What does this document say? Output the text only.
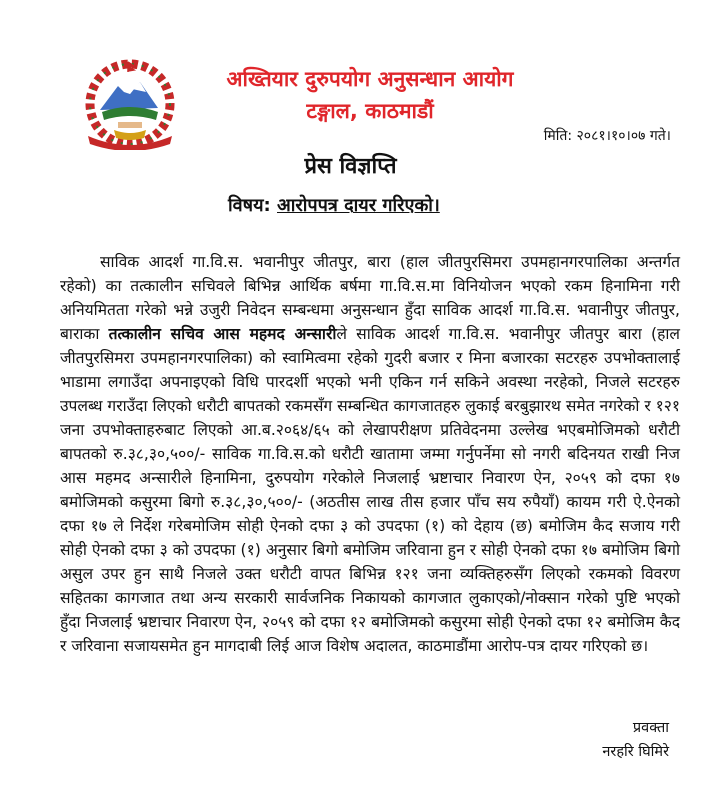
अख्तियार दुरुपयोग अनुसन्धान आयोग
टङ्गाल, काठमाडौं
मिति: २०८१।१०।०७ गते।
प्रेस विज्ञप्ति
विषय: आरोपपत्र दायर गरिएको।
साविक आदर्श गा.वि.स. भवानीपुर जीतपुर, बारा (हाल जीतपुरसिमरा उपमहानगरपालिका अन्तर्गत रहेको) का तत्कालीन सचिवले बिभिन्न आर्थिक बर्षमा गा.वि.स.मा विनियोजन भएको रकम हिनामिना गरी अनियमितता गरेको भन्ने उजुरी निवेदन सम्बन्धमा अनुसन्धान हुँदा साविक आदर्श गा.वि.स. भवानीपुर जीतपुर, बाराका तत्कालीन सचिव आस महमद अन्सारीले साविक आदर्श गा.वि.स. भवानीपुर जीतपुर बारा (हाल जीतपुरसिमरा उपमहानगरपालिका) को स्वामित्वमा रहेको गुदरी बजार र मिना बजारका सटरहरु उपभोक्तालाई भाडामा लगाउँदा अपनाइएको विधि पारदर्शी भएको भनी एकिन गर्न सकिने अवस्था नरहेको, निजले सटरहरु उपलब्ध गराउँदा लिएको धरौटी बापतको रकमसँग सम्बन्धित कागजातहरु लुकाई बरबुझारथ समेत नगरेको र १२१ जना उपभोक्ताहरुबाट लिएको आ.ब.२०६४/६५ को लेखापरीक्षण प्रतिवेदनमा उल्लेख भएबमोजिमको धरौटी बापतको रु.३८,३०,५००/- साविक गा.वि.स.को धरौटी खातामा जम्मा गर्नुपर्नेमा सो नगरी बदिनयत राखी निज आस महमद अन्सारीले हिनामिना, दुरुपयोग गरेकोले निजलाई भ्रष्टाचार निवारण ऐन, २०५९ को दफा १७ बमोजिमको कसुरमा बिगो रु.३८,३०,५००/- (अठतीस लाख तीस हजार पाँच सय रुपैयाँ) कायम गरी ऐ.ऐनको दफा १७ ले निर्देश गरेबमोजिम सोही ऐनको दफा ३ को उपदफा (१) को देहाय (छ) बमोजिम कैद सजाय गरी सोही ऐनको दफा ३ को उपदफा (१) अनुसार बिगो बमोजिम जरिवाना हुन र सोही ऐनको दफा १७ बमोजिम बिगो असुल उपर हुन साथै निजले उक्त धरौटी वापत बिभिन्न १२१ जना व्यक्तिहरुसँग लिएको रकमको विवरण सहितका कागजात तथा अन्य सरकारी सार्वजनिक निकायको कागजात लुकाएको/नोक्सान गरेको पुष्टि भएको हुँदा निजलाई भ्रष्टाचार निवारण ऐन, २०५९ को दफा १२ बमोजिमको कसुरमा सोही ऐनको दफा १२ बमोजिम कैद र जरिवाना सजायसमेत हुन मागदाबी लिई आज विशेष अदालत, काठमाडौंमा आरोप-पत्र दायर गरिएको छ।
प्रवक्ता
नरहरि घिमिरे
